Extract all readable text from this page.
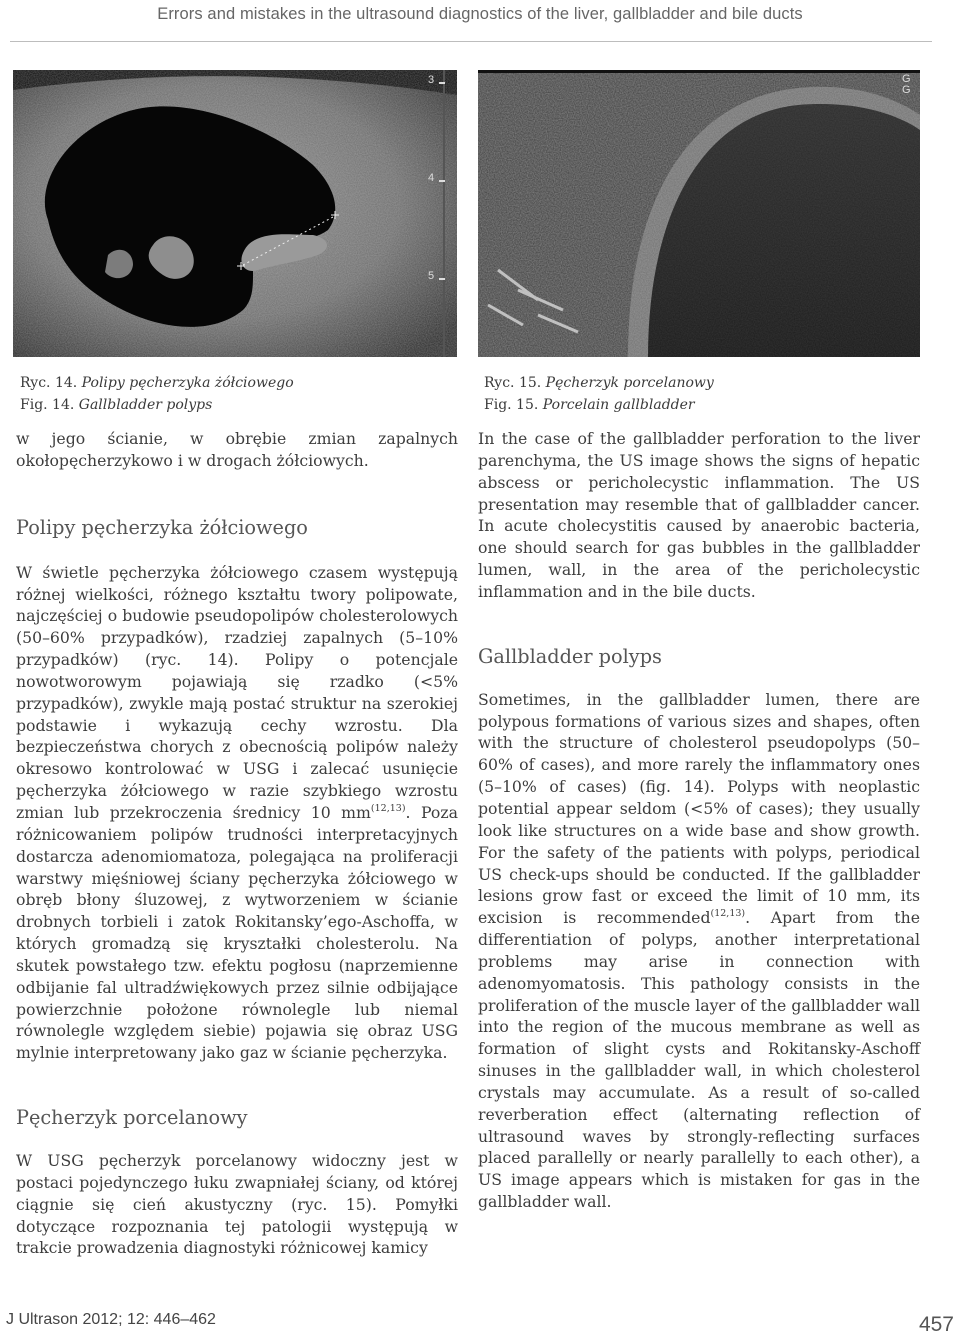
Errors and mistakes in the ultrasound diagnostics of the liver, gallbladder and bile ducts
3
4
5
G
G
Ryc. 14. Polipy pęcherzyka żółciowego
Fig. 14. Gallbladder polyps
Ryc. 15. Pęcherzyk porcelanowy
Fig. 15. Porcelain gallbladder

w jego ścianie, w obrębie zmian zapalnych okołopęcherzykowo i w drogach żółciowych.

Polipy pęcherzyka żółciowego

W świetle pęcherzyka żółciowego czasem występują różnej wielkości, różnego kształtu twory polipowate, najczęściej o budowie pseudopolipów cholesterolowych (50–60% przypadków), rzadziej zapalnych (5–10% przypadków) (ryc. 14). Polipy o potencjale nowotworowym pojawiają się rzadko (<5% przypadków), zwykle mają postać struktur na szerokiej podstawie i wykazują cechy wzrostu. Dla bezpieczeństwa chorych z obecnością polipów należy okresowo kontrolować w USG i zalecać usunięcie pęcherzyka żółciowego w razie szybkiego wzrostu zmian lub przekroczenia średnicy 10 mm$^{(12,13)}$. Poza różnicowaniem polipów trudności interpretacyjnych dostarcza adenomiomatoza, polegająca na proliferacji warstwy mięśniowej ściany pęcherzyka żółciowego w obręb błony śluzowej, z wytworzeniem w ścianie drobnych torbieli i zatok Rokitansky’ego-Aschoffa, w których gromadzą się kryształki cholesterolu. Na skutek powstałego tzw. efektu pogłosu (naprzemienne odbijanie fal ultradźwiękowych przez silnie odbijające powierzchnie położone równolegle lub niemal równolegle względem siebie) pojawia się obraz USG mylnie interpretowany jako gaz w ścianie pęcherzyka.

Pęcherzyk porcelanowy

W USG pęcherzyk porcelanowy widoczny jest w postaci pojedynczego łuku zwapniałej ściany, od której ciągnie się cień akustyczny (ryc. 15). Pomyłki dotyczące rozpoznania tej patologii występują w trakcie prowadzenia diagnostyki różnicowej kamicy

In the case of the gallbladder perforation to the liver parenchyma, the US image shows the signs of hepatic abscess or pericholecystic inflammation. The US presentation may resemble that of gallbladder cancer. In acute cholecystitis caused by anaerobic bacteria, one should search for gas bubbles in the gallbladder lumen, wall, in the area of the pericholecystic inflammation and in the bile ducts.

Gallbladder polyps

Sometimes, in the gallbladder lumen, there are polypous formations of various sizes and shapes, often with the structure of cholesterol pseudopolyps (50–60% of cases), and more rarely the inflammatory ones (5–10% of cases) (fig. 14). Polyps with neoplastic potential appear seldom (<5% of cases); they usually look like structures on a wide base and show growth. For the safety of the patients with polyps, periodical US check-ups should be conducted. If the gallbladder lesions grow fast or exceed the limit of 10 mm, its excision is recommended$^{(12,13)}$. Apart from the differentiation of polyps, another interpretational problems may arise in connection with adenomyomatosis. This pathology consists in the proliferation of the muscle layer of the gallbladder wall into the region of the mucous membrane as well as formation of slight cysts and Rokitansky-Aschoff sinuses in the gallbladder wall, in which cholesterol crystals may accumulate. As a result of so-called reverberation effect (alternating reflection of ultrasound waves by strongly-reflecting surfaces placed parallelly or nearly parallelly to each other), a US image appears which is mistaken for gas in the gallbladder wall.

J Ultrason 2012; 12: 446–462	457
